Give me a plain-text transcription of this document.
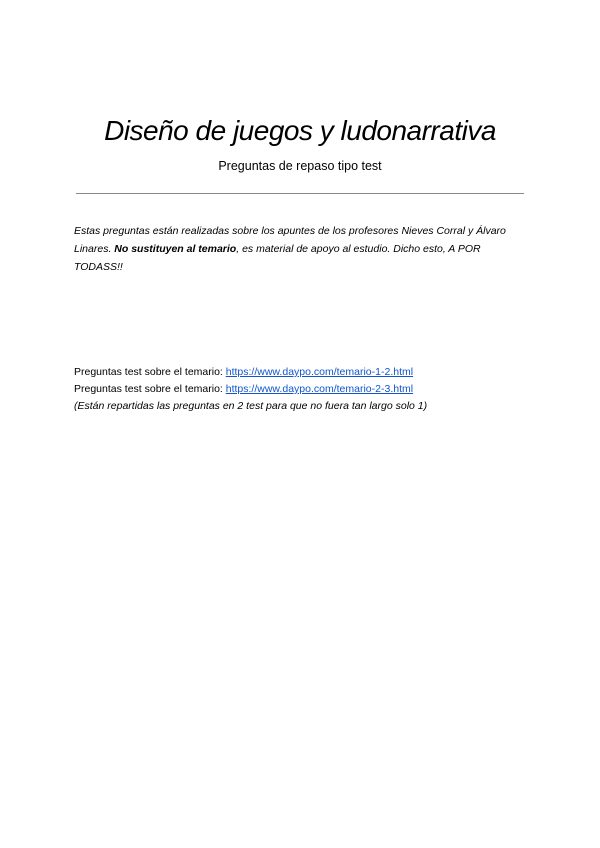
Diseño de juegos y ludonarrativa
Preguntas de repaso tipo test
Estas preguntas están realizadas sobre los apuntes de los profesores Nieves Corral y Álvaro Linares. No sustituyen al temario, es material de apoyo al estudio. Dicho esto, A POR TODASS!!
Preguntas test sobre el temario: https://www.daypo.com/temario-1-2.html
Preguntas test sobre el temario: https://www.daypo.com/temario-2-3.html
(Están repartidas las preguntas en 2 test para que no fuera tan largo solo 1)
